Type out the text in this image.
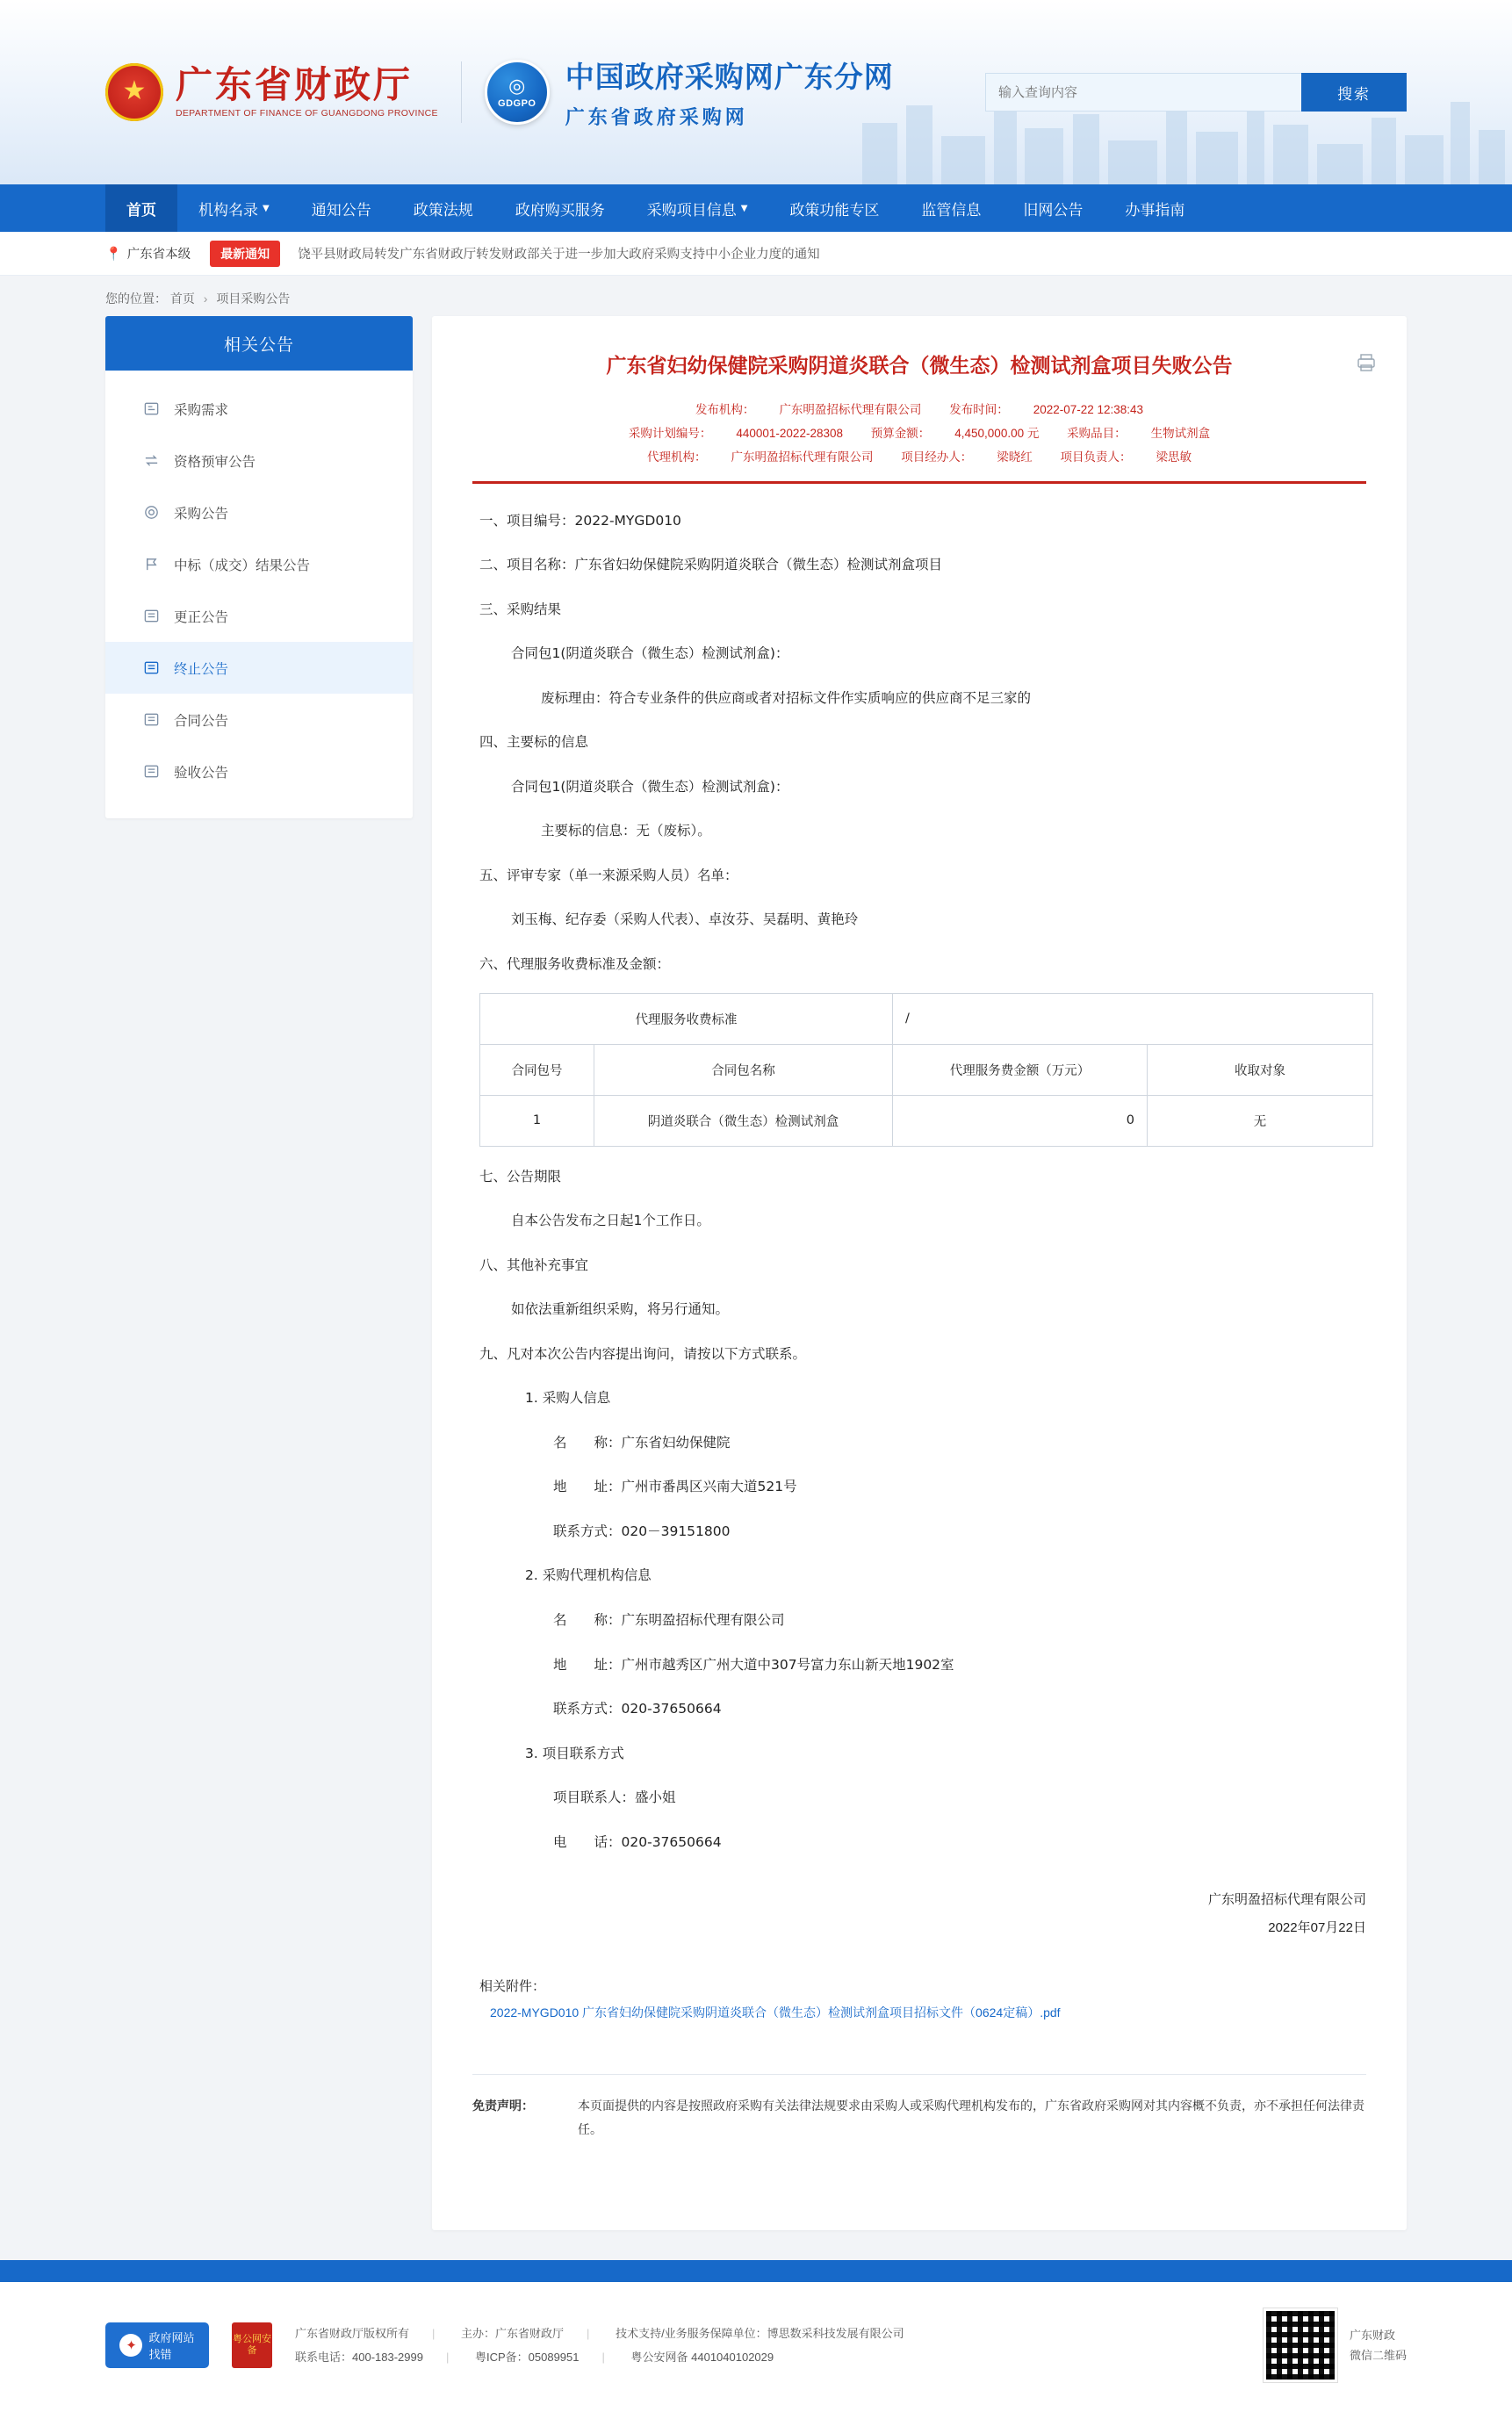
★
广东省财政厅
DEPARTMENT OF FINANCE OF GUANGDONG PROVINCE
◎
GDGPO
中国政府采购网广东分网
广东省政府采购网
输入查询内容
搜索
首页	机构名录 ▼	通知公告	政策法规	政府购买服务	采购项目信息 ▼	政策功能专区	监管信息	旧网公告	办事指南
📍 广东省本级	最新通知	饶平县财政局转发广东省财政厅转发财政部关于进一步加大政府采购支持中小企业力度的通知
您的位置： 首页 › 项目采购公告
相关公告
采购需求
资格预审公告
采购公告
中标（成交）结果公告
更正公告
终止公告
合同公告
验收公告
广东省妇幼保健院采购阴道炎联合（微生态）检测试剂盒项目失败公告
发布机构： 广东明盈招标代理有限公司 发布时间： 2022-07-22 12:38:43
采购计划编号： 440001-2022-28308 预算金额： 4,450,000.00 元 采购品目： 生物试剂盒
代理机构： 广东明盈招标代理有限公司 项目经办人： 梁晓红 项目负责人： 梁思敏
一、项目编号：2022-MYGD010
二、项目名称：广东省妇幼保健院采购阴道炎联合（微生态）检测试剂盒项目
三、采购结果
合同包1(阴道炎联合（微生态）检测试剂盒)：
废标理由：符合专业条件的供应商或者对招标文件作实质响应的供应商不足三家的
四、主要标的信息
合同包1(阴道炎联合（微生态）检测试剂盒)：
主要标的信息：无（废标）。
五、评审专家（单一来源采购人员）名单：
刘玉梅、纪存委（采购人代表）、卓汝芬、吴磊明、黄艳玲
六、代理服务收费标准及金额：
代理服务收费标准		/	
合同包号	合同包名称	代理服务费金额（万元）	收取对象
1	阴道炎联合（微生态）检测试剂盒	0	无
七、公告期限
自本公告发布之日起1个工作日。
八、其他补充事宜
如依法重新组织采购，将另行通知。
九、凡对本次公告内容提出询问，请按以下方式联系。
1. 采购人信息
名　　称：广东省妇幼保健院
地　　址：广州市番禺区兴南大道521号
联系方式：020－39151800
2. 采购代理机构信息
名　　称：广东明盈招标代理有限公司
地　　址：广州市越秀区广州大道中307号富力东山新天地1902室
联系方式：020-37650664
3. 项目联系方式
项目联系人：盛小姐
电　　话：020-37650664
广东明盈招标代理有限公司
2022年07月22日
相关附件：
2022-MYGD010 广东省妇幼保健院采购阴道炎联合（微生态）检测试剂盒项目招标文件（0624定稿）.pdf
免责声明：	本页面提供的内容是按照政府采购有关法律法规要求由采购人或采购代理机构发布的，广东省政府采购网对其内容概不负责，亦不承担任何法律责任。
✦	政府网站
找错
粤公网安备
广东省财政厅版权所有 | 主办：广东省财政厅 | 技术支持/业务服务保障单位：博思数采科技发展有限公司
联系电话：400-183-2999 | 粤ICP备：05089951 | 粤公安网备 4401040102029
广东财政
微信二维码
